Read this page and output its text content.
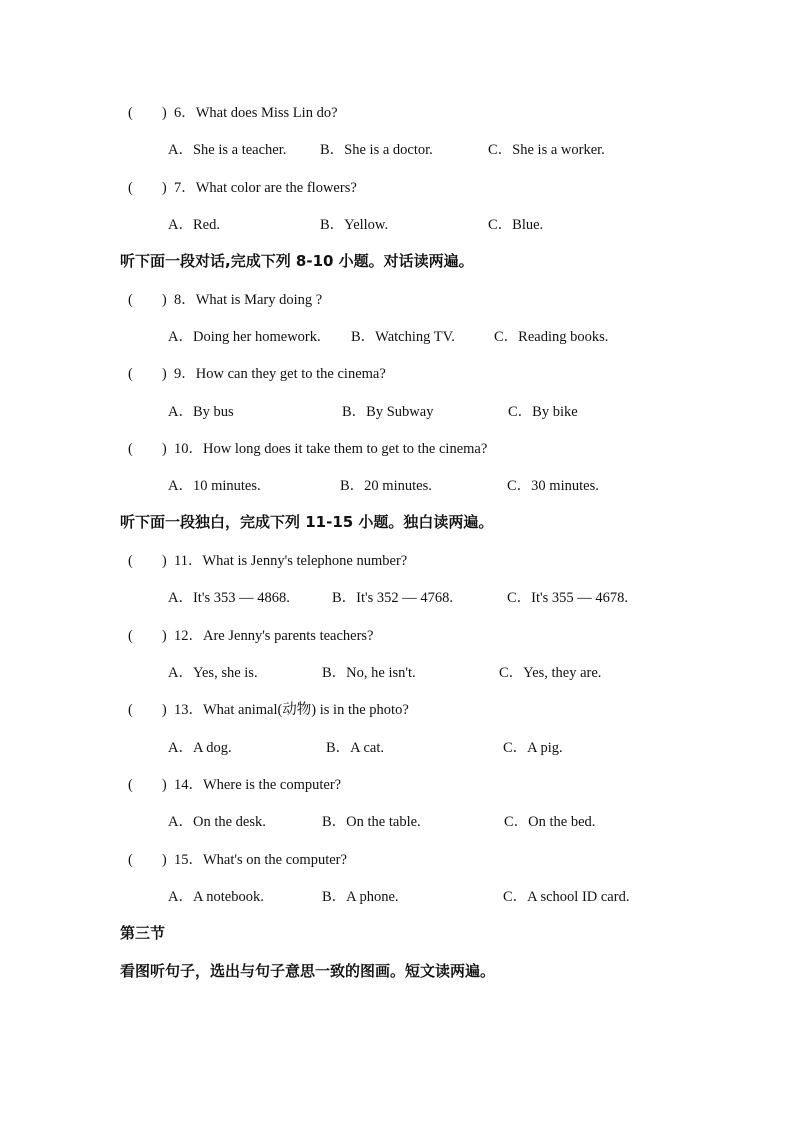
(　　) 6．What does Miss Lin do?
A．She is a teacher. B．She is a doctor.	C．She is a worker.
(　　) 7．What color are the flowers?
A．Red.	B．Yellow.	C．Blue.
听下面一段对话,完成下列 8-10 小题。对话读两遍。
(　　) 8．What is Mary doing ?
A．Doing her homework. B．Watching TV.	C．Reading books.
(　　) 9．How can they get to the cinema?
A．By bus	B．By Subway	C．By bike
(　　) 10．How long does it take them to get to the cinema?
A．10 minutes.	B．20 minutes.	C．30 minutes.
听下面一段独白，完成下列 11-15 小题。独白读两遍。
(　　) 11．What is Jenny's telephone number?
A．It's 353 — 4868.	B．It's 352 — 4768.	C．It's 355 — 4678.
(　　) 12．Are Jenny's parents teachers?
A．Yes, she is.	B．No, he isn't.	C．Yes, they are.
(　　) 13．What animal(动物) is in the photo?
A．A dog.	B．A cat.	C．A pig.
(　　) 14．Where is the computer?
A．On the desk.	B．On the table.	C．On the bed.
(　　) 15．What's on the computer?
A．A notebook.	B．A phone.	C．A school ID card.
第三节
看图听句子，选出与句子意思一致的图画。短文读两遍。
